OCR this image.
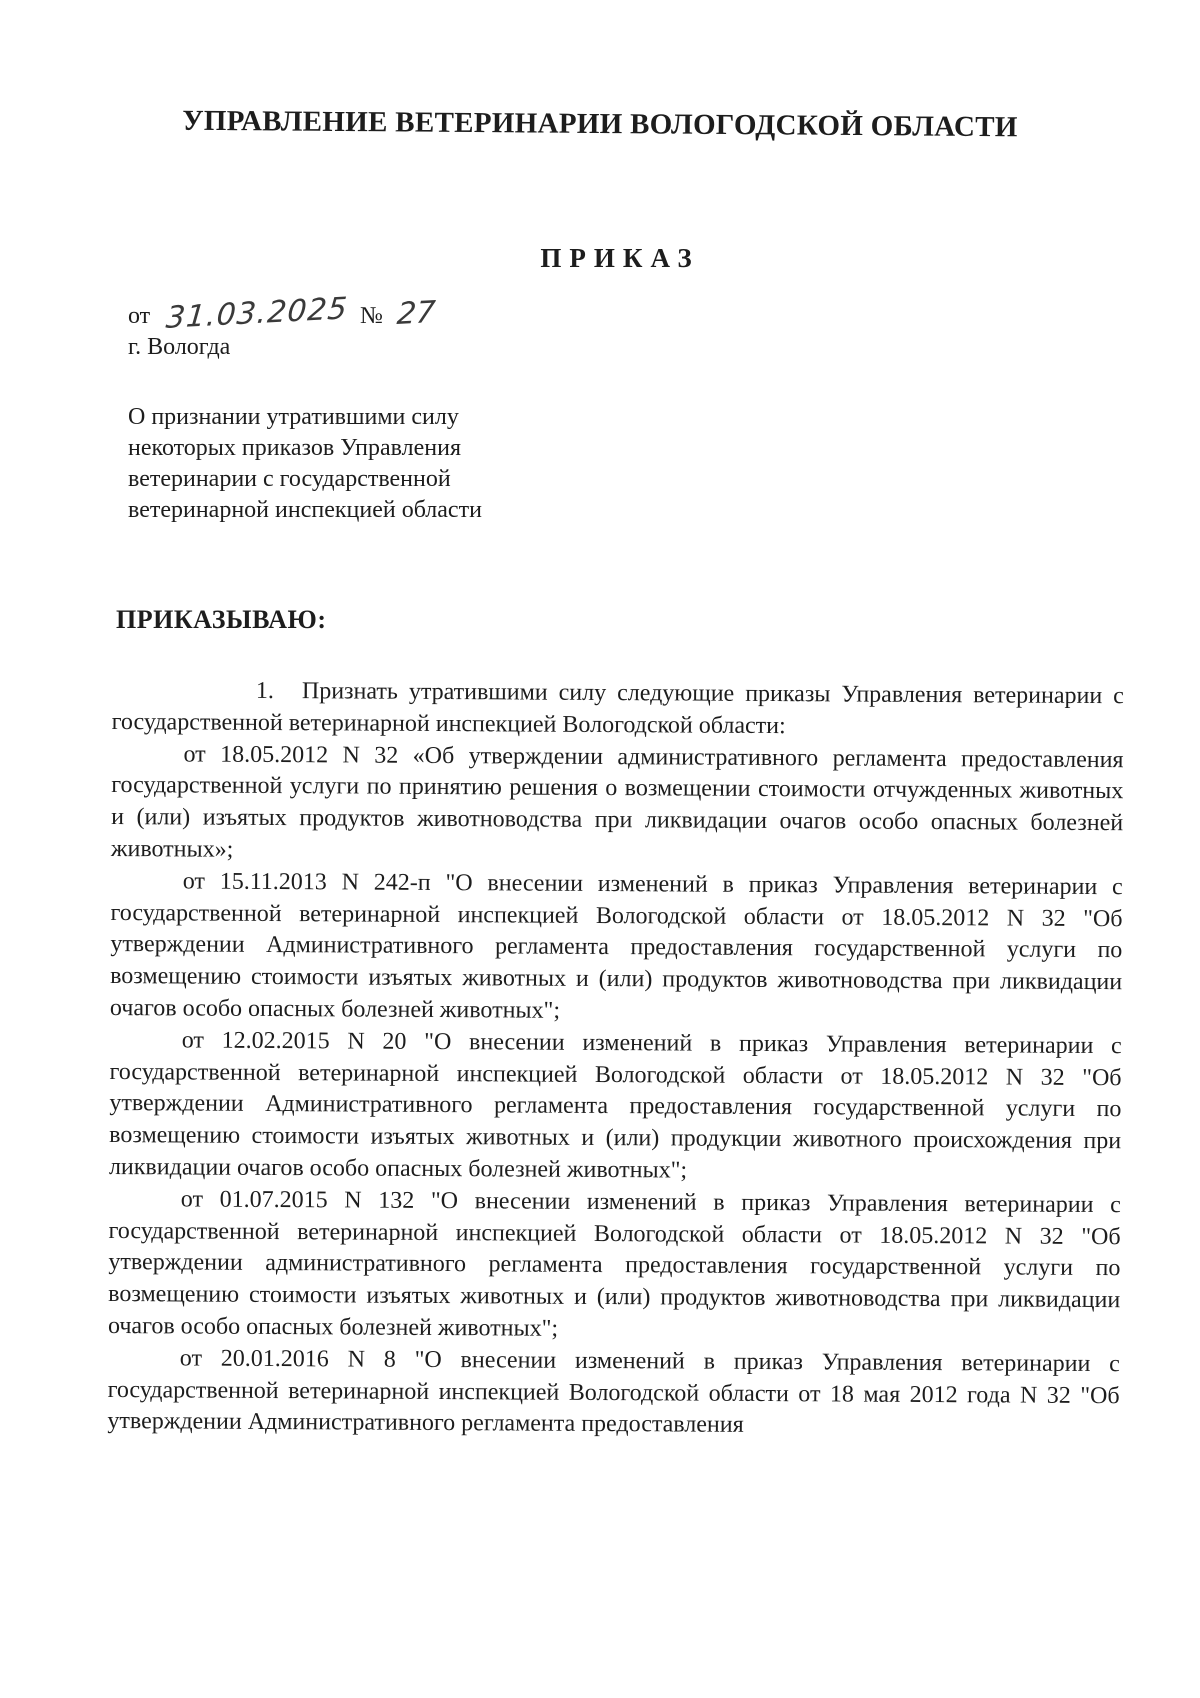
УПРАВЛЕНИЕ ВЕТЕРИНАРИИ ВОЛОГОДСКОЙ ОБЛАСТИ
ПРИКАЗ
от 31.03.2025 № 27
г. Вологда
О признании утратившими силу
некоторых приказов Управления
ветеринарии с государственной
ветеринарной инспекцией области
ПРИКАЗЫВАЮ:

1. Признать утратившими силу следующие приказы Управления ветеринарии с государственной ветеринарной инспекцией Вологодской области:

от 18.05.2012 N 32 «Об утверждении административного регламента предоставления государственной услуги по принятию решения о возмещении стоимости отчужденных животных и (или) изъятых продуктов животноводства при ликвидации очагов особо опасных болезней животных»;

от 15.11.2013 N 242-п "О внесении изменений в приказ Управления ветеринарии с государственной ветеринарной инспекцией Вологодской области от 18.05.2012 N 32 "Об утверждении Административного регламента предоставления государственной услуги по возмещению стоимости изъятых животных и (или) продуктов животноводства при ликвидации очагов особо опасных болезней животных";

от 12.02.2015 N 20 "О внесении изменений в приказ Управления ветеринарии с государственной ветеринарной инспекцией Вологодской области от 18.05.2012 N 32 "Об утверждении Административного регламента предоставления государственной услуги по возмещению стоимости изъятых животных и (или) продукции животного происхождения при ликвидации очагов особо опасных болезней животных";

от 01.07.2015 N 132 "О внесении изменений в приказ Управления ветеринарии с государственной ветеринарной инспекцией Вологодской области от 18.05.2012 N 32 "Об утверждении административного регламента предоставления государственной услуги по возмещению стоимости изъятых животных и (или) продуктов животноводства при ликвидации очагов особо опасных болезней животных";

от 20.01.2016 N 8 "О внесении изменений в приказ Управления ветеринарии с государственной ветеринарной инспекцией Вологодской области от 18 мая 2012 года N 32 "Об утверждении Административного регламента предоставления
